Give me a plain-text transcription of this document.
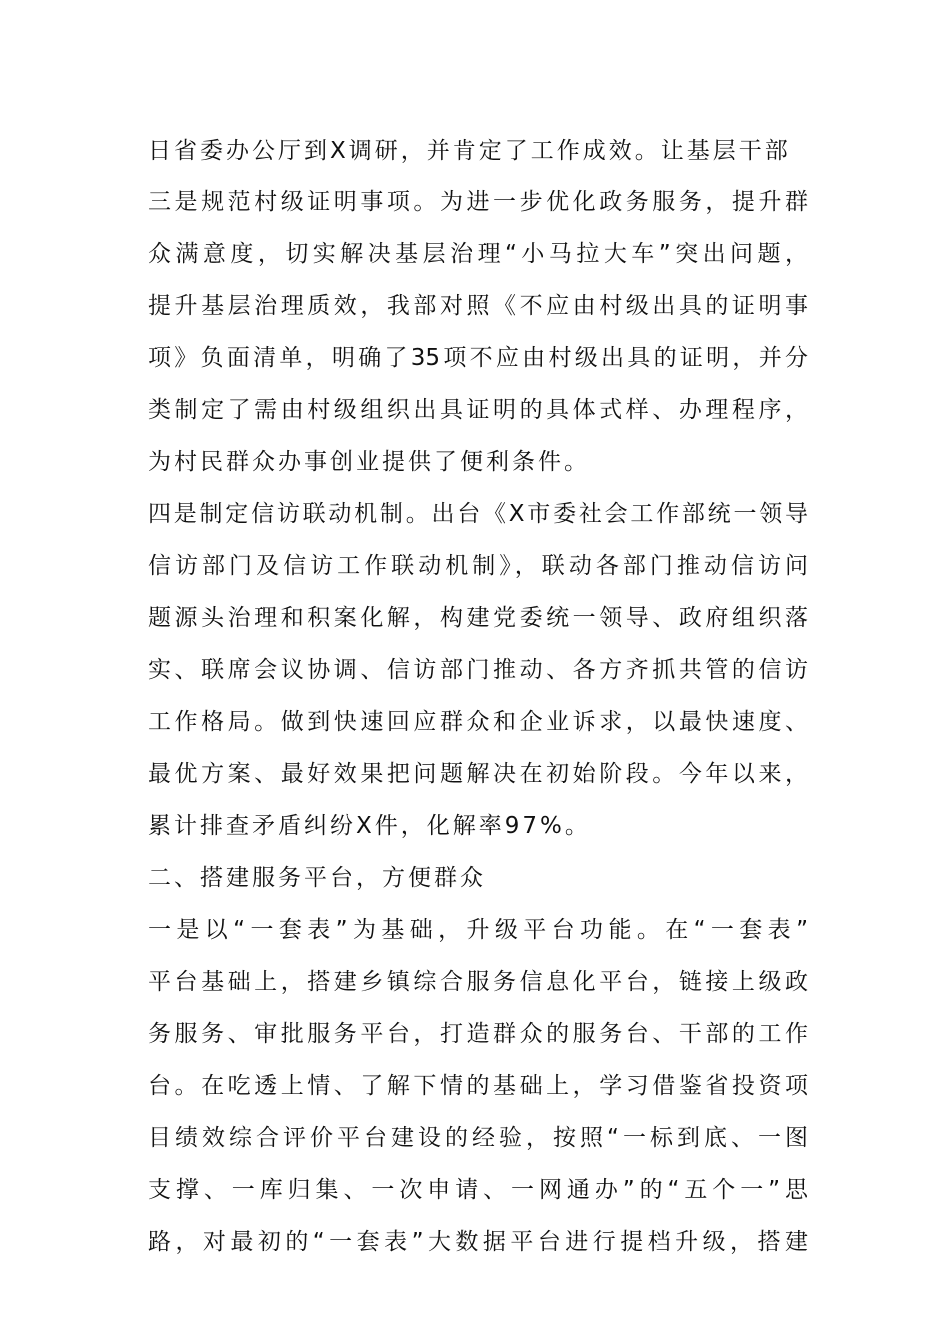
日省委办公厅到X调研，并肯定了工作成效。让基层干部
三是规范村级证明事项。为进一步优化政务服务，提升群
众满意度，切实解决基层治理“小马拉大车”突出问题，
提升基层治理质效，我部对照《不应由村级出具的证明事
项》负面清单，明确了35项不应由村级出具的证明，并分
类制定了需由村级组织出具证明的具体式样、办理程序，
为村民群众办事创业提供了便利条件。
四是制定信访联动机制。出台《X市委社会工作部统一领导
信访部门及信访工作联动机制》，联动各部门推动信访问
题源头治理和积案化解，构建党委统一领导、政府组织落
实、联席会议协调、信访部门推动、各方齐抓共管的信访
工作格局。做到快速回应群众和企业诉求，以最快速度、
最优方案、最好效果把问题解决在初始阶段。今年以来，
累计排查矛盾纠纷X件，化解率97%。
二、搭建服务平台，方便群众
一是以“一套表”为基础，升级平台功能。在“一套表”
平台基础上，搭建乡镇综合服务信息化平台，链接上级政
务服务、审批服务平台，打造群众的服务台、干部的工作
台。在吃透上情、了解下情的基础上，学习借鉴省投资项
目绩效综合评价平台建设的经验，按照“一标到底、一图
支撑、一库归集、一次申请、一网通办”的“五个一”思
路，对最初的“一套表”大数据平台进行提档升级，搭建
